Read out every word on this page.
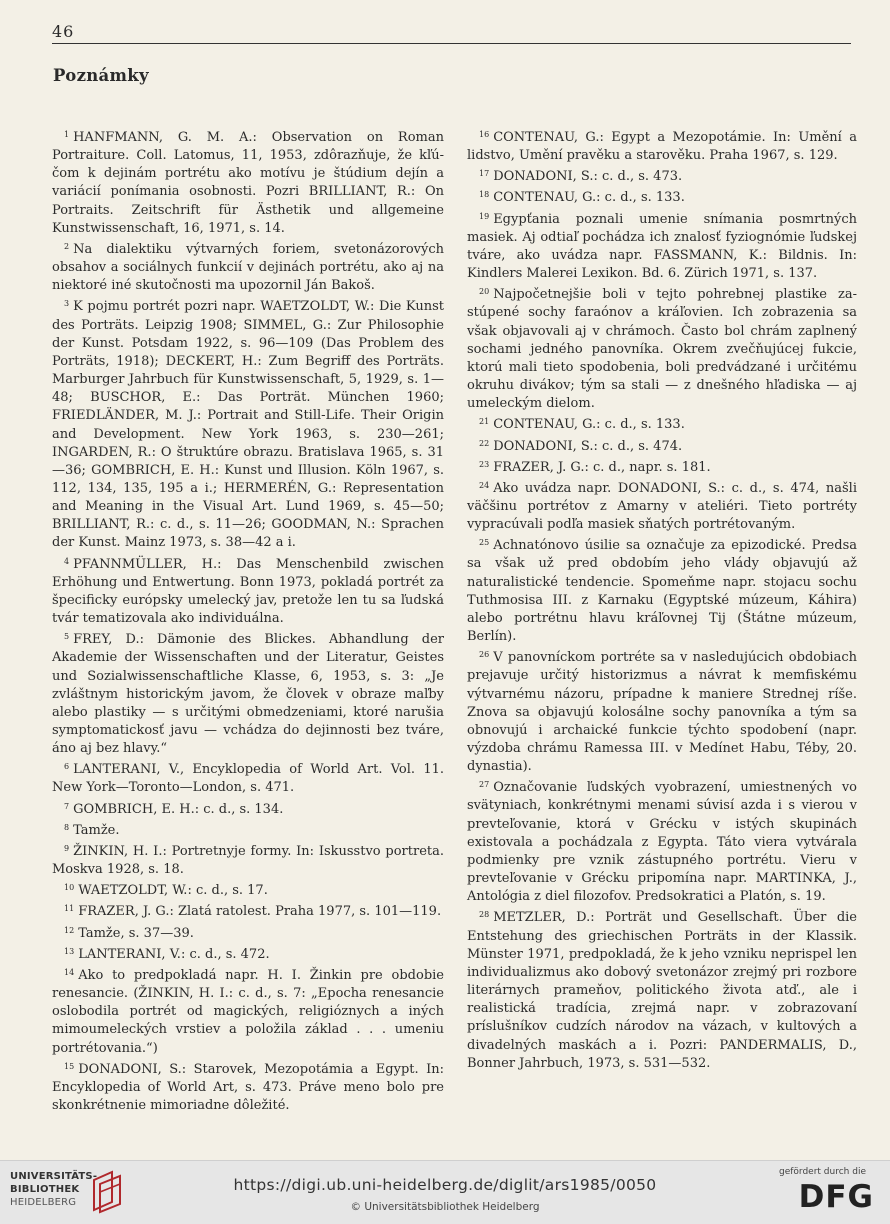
46
Poznámky

$^1$ HANFMANN, G. M. A.: Observation on Roman Portraiture. Coll. Latomus, 11, 1953, zdôrazňuje, že kľúčom k dejinám portrétu ako motívu je štúdium dejín a variácií ponímania osobnosti. Pozri BRILLIANT, R.: On Portraits. Zeitschrift für Ästhetik und allgemeine Kunstwissenschaft, 16, 1971, s. 14.

$^2$ Na dialektiku výtvarných foriem, svetonázorových obsahov a sociálnych funkcií v dejinách portrétu, ako aj na niektoré iné skutočnosti ma upozornil Ján Bakoš.

$^3$ K pojmu portrét pozri napr. WAETZOLDT, W.: Die Kunst des Porträts. Leipzig 1908; SIMMEL, G.: Zur Philosophie der Kunst. Potsdam 1922, s. 96—109 (Das Problem des Porträts, 1918); DECKERT, H.: Zum Begriff des Porträts. Marburger Jahrbuch für Kunstwissenschaft, 5, 1929, s. 1—48; BUSCHOR, E.: Das Porträt. München 1960; FRIEDLÄNDER, M. J.: Portrait and Still-Life. Their Origin and Development. New York 1963, s. 230—261; INGARDEN, R.: O štruktúre obrazu. Bratislava 1965, s. 31—36; GOMBRICH, E. H.: Kunst und Illusion. Köln 1967, s. 112, 134, 135, 195 a i.; HERMERÉN, G.: Representation and Meaning in the Visual Art. Lund 1969, s. 45—50; BRILLIANT, R.: c. d., s. 11—26; GOODMAN, N.: Sprachen der Kunst. Mainz 1973, s. 38—42 a i.

$^4$ PFANNMÜLLER, H.: Das Menschenbild zwischen Erhöhung und Entwertung. Bonn 1973, pokladá portrét za špecificky európsky umelecký jav, pretože len tu sa ľudská tvár tematizovala ako individuálna.

$^5$ FREY, D.: Dämonie des Blickes. Abhandlung der Akademie der Wissenschaften und der Literatur, Geistes und Sozialwissenschaftliche Klasse, 6, 1953, s. 3: „Je zvláštnym historickým javom, že človek v obraze maľby alebo plastiky — s určitými obmedzeniami, ktoré narušia symptomatickosť javu — vchádza do dejinnosti bez tváre, áno aj bez hlavy.“

$^6$ LANTERANI, V., Encyklopedia of World Art. Vol. 11. New York—Toronto—London, s. 471.

$^7$ GOMBRICH, E. H.: c. d., s. 134.

$^8$ Tamže.

$^9$ ŽINKIN, H. I.: Portretnyje formy. In: Iskusstvo portreta. Moskva 1928, s. 18.

$^{10}$ WAETZOLDT, W.: c. d., s. 17.

$^{11}$ FRAZER, J. G.: Zlatá ratolest. Praha 1977, s. 101—119.

$^{12}$ Tamže, s. 37—39.

$^{13}$ LANTERANI, V.: c. d., s. 472.

$^{14}$ Ako to predpokladá napr. H. I. Žinkin pre obdobie renesancie. (ŽINKIN, H. I.: c. d., s. 7: „Epocha renesancie oslobodila portrét od magických, religióznych a iných mimoumeleckých vrstiev a položila základ . . . umeniu portrétovania.“)

$^{15}$ DONADONI, S.: Starovek, Mezopotámia a Egypt. In: Encyklopedia of World Art, s. 473. Práve meno bolo pre skonkrétnenie mimoriadne dôležité.

$^{16}$ CONTENAU, G.: Egypt a Mezopotámie. In: Umění a lidstvo, Umění pravěku a starověku. Praha 1967, s. 129.

$^{17}$ DONADONI, S.: c. d., s. 473.

$^{18}$ CONTENAU, G.: c. d., s. 133.

$^{19}$ Egypťania poznali umenie snímania posmrtných masiek. Aj odtiaľ pochádza ich znalosť fyziognómie ľudskej tváre, ako uvádza napr. FASSMANN, K.: Bildnis. In: Kindlers Malerei Lexikon. Bd. 6. Zürich 1971, s. 137.

$^{20}$ Najpočetnejšie boli v tejto pohrebnej plastike zastúpené sochy faraónov a kráľovien. Ich zobrazenia sa však objavovali aj v chrámoch. Často bol chrám zaplnený sochami jedného panovníka. Okrem zvečňujúcej fukcie, ktorú mali tieto spodobenia, boli predvádzané i určitému okruhu divákov; tým sa stali — z dnešného hľadiska — aj umeleckým dielom.

$^{21}$ CONTENAU, G.: c. d., s. 133.

$^{22}$ DONADONI, S.: c. d., s. 474.

$^{23}$ FRAZER, J. G.: c. d., napr. s. 181.

$^{24}$ Ako uvádza napr. DONADONI, S.: c. d., s. 474, našli väčšinu portrétov z Amarny v ateliéri. Tieto portréty vypracúvali podľa masiek sňatých portrétovaným.

$^{25}$ Achnatónovo úsilie sa označuje za epizodické. Predsa sa však už pred obdobím jeho vlády objavujú až naturalistické tendencie. Spomeňme napr. stojacu sochu Tuthmosisa III. z Karnaku (Egyptské múzeum, Káhira) alebo portrétnu hlavu kráľovnej Tij (Štátne múzeum, Berlín).

$^{26}$ V panovníckom portréte sa v nasledujúcich obdobiach prejavuje určitý historizmus a návrat k memfiskému výtvarnému názoru, prípadne k maniere Strednej ríše. Znova sa objavujú kolosálne sochy panovníka a tým sa obnovujú i archaické funkcie týchto spodobení (napr. výzdoba chrámu Ramessa III. v Medínet Habu, Téby, 20. dynastia).

$^{27}$ Označovanie ľudských vyobrazení, umiestnených vo svätyniach, konkrétnymi menami súvisí azda i s vierou v prevteľovanie, ktorá v Grécku v istých skupinách existovala a pochádzala z Egypta. Táto viera vytvárala podmienky pre vznik zástupného portrétu. Vieru v prevteľovanie v Grécku pripomína napr. MARTINKA, J., Antológia z diel filozofov. Predsokratici a Platón, s. 19.

$^{28}$ METZLER, D.: Porträt und Gesellschaft. Über die Entstehung des griechischen Porträts in der Klassik. Münster 1971, predpokladá, že k jeho vzniku neprispel len individualizmus ako dobový svetonázor zrejmý pri rozbore literárnych prameňov, politického života atď., ale i realistická tradícia, zrejmá napr. v zobrazovaní príslušníkov cudzích národov na vázach, v kultových a divadelných maskách a i. Pozri: PANDERMALIS, D., Bonner Jahrbuch, 1973, s. 531—532.

UNIVERSITÄTS-
BIBLIOTHEK
HEIDELBERG
https://digi.ub.uni-heidelberg.de/diglit/ars1985/0050
© Universitätsbibliothek Heidelberg
gefördert durch die
DFG
